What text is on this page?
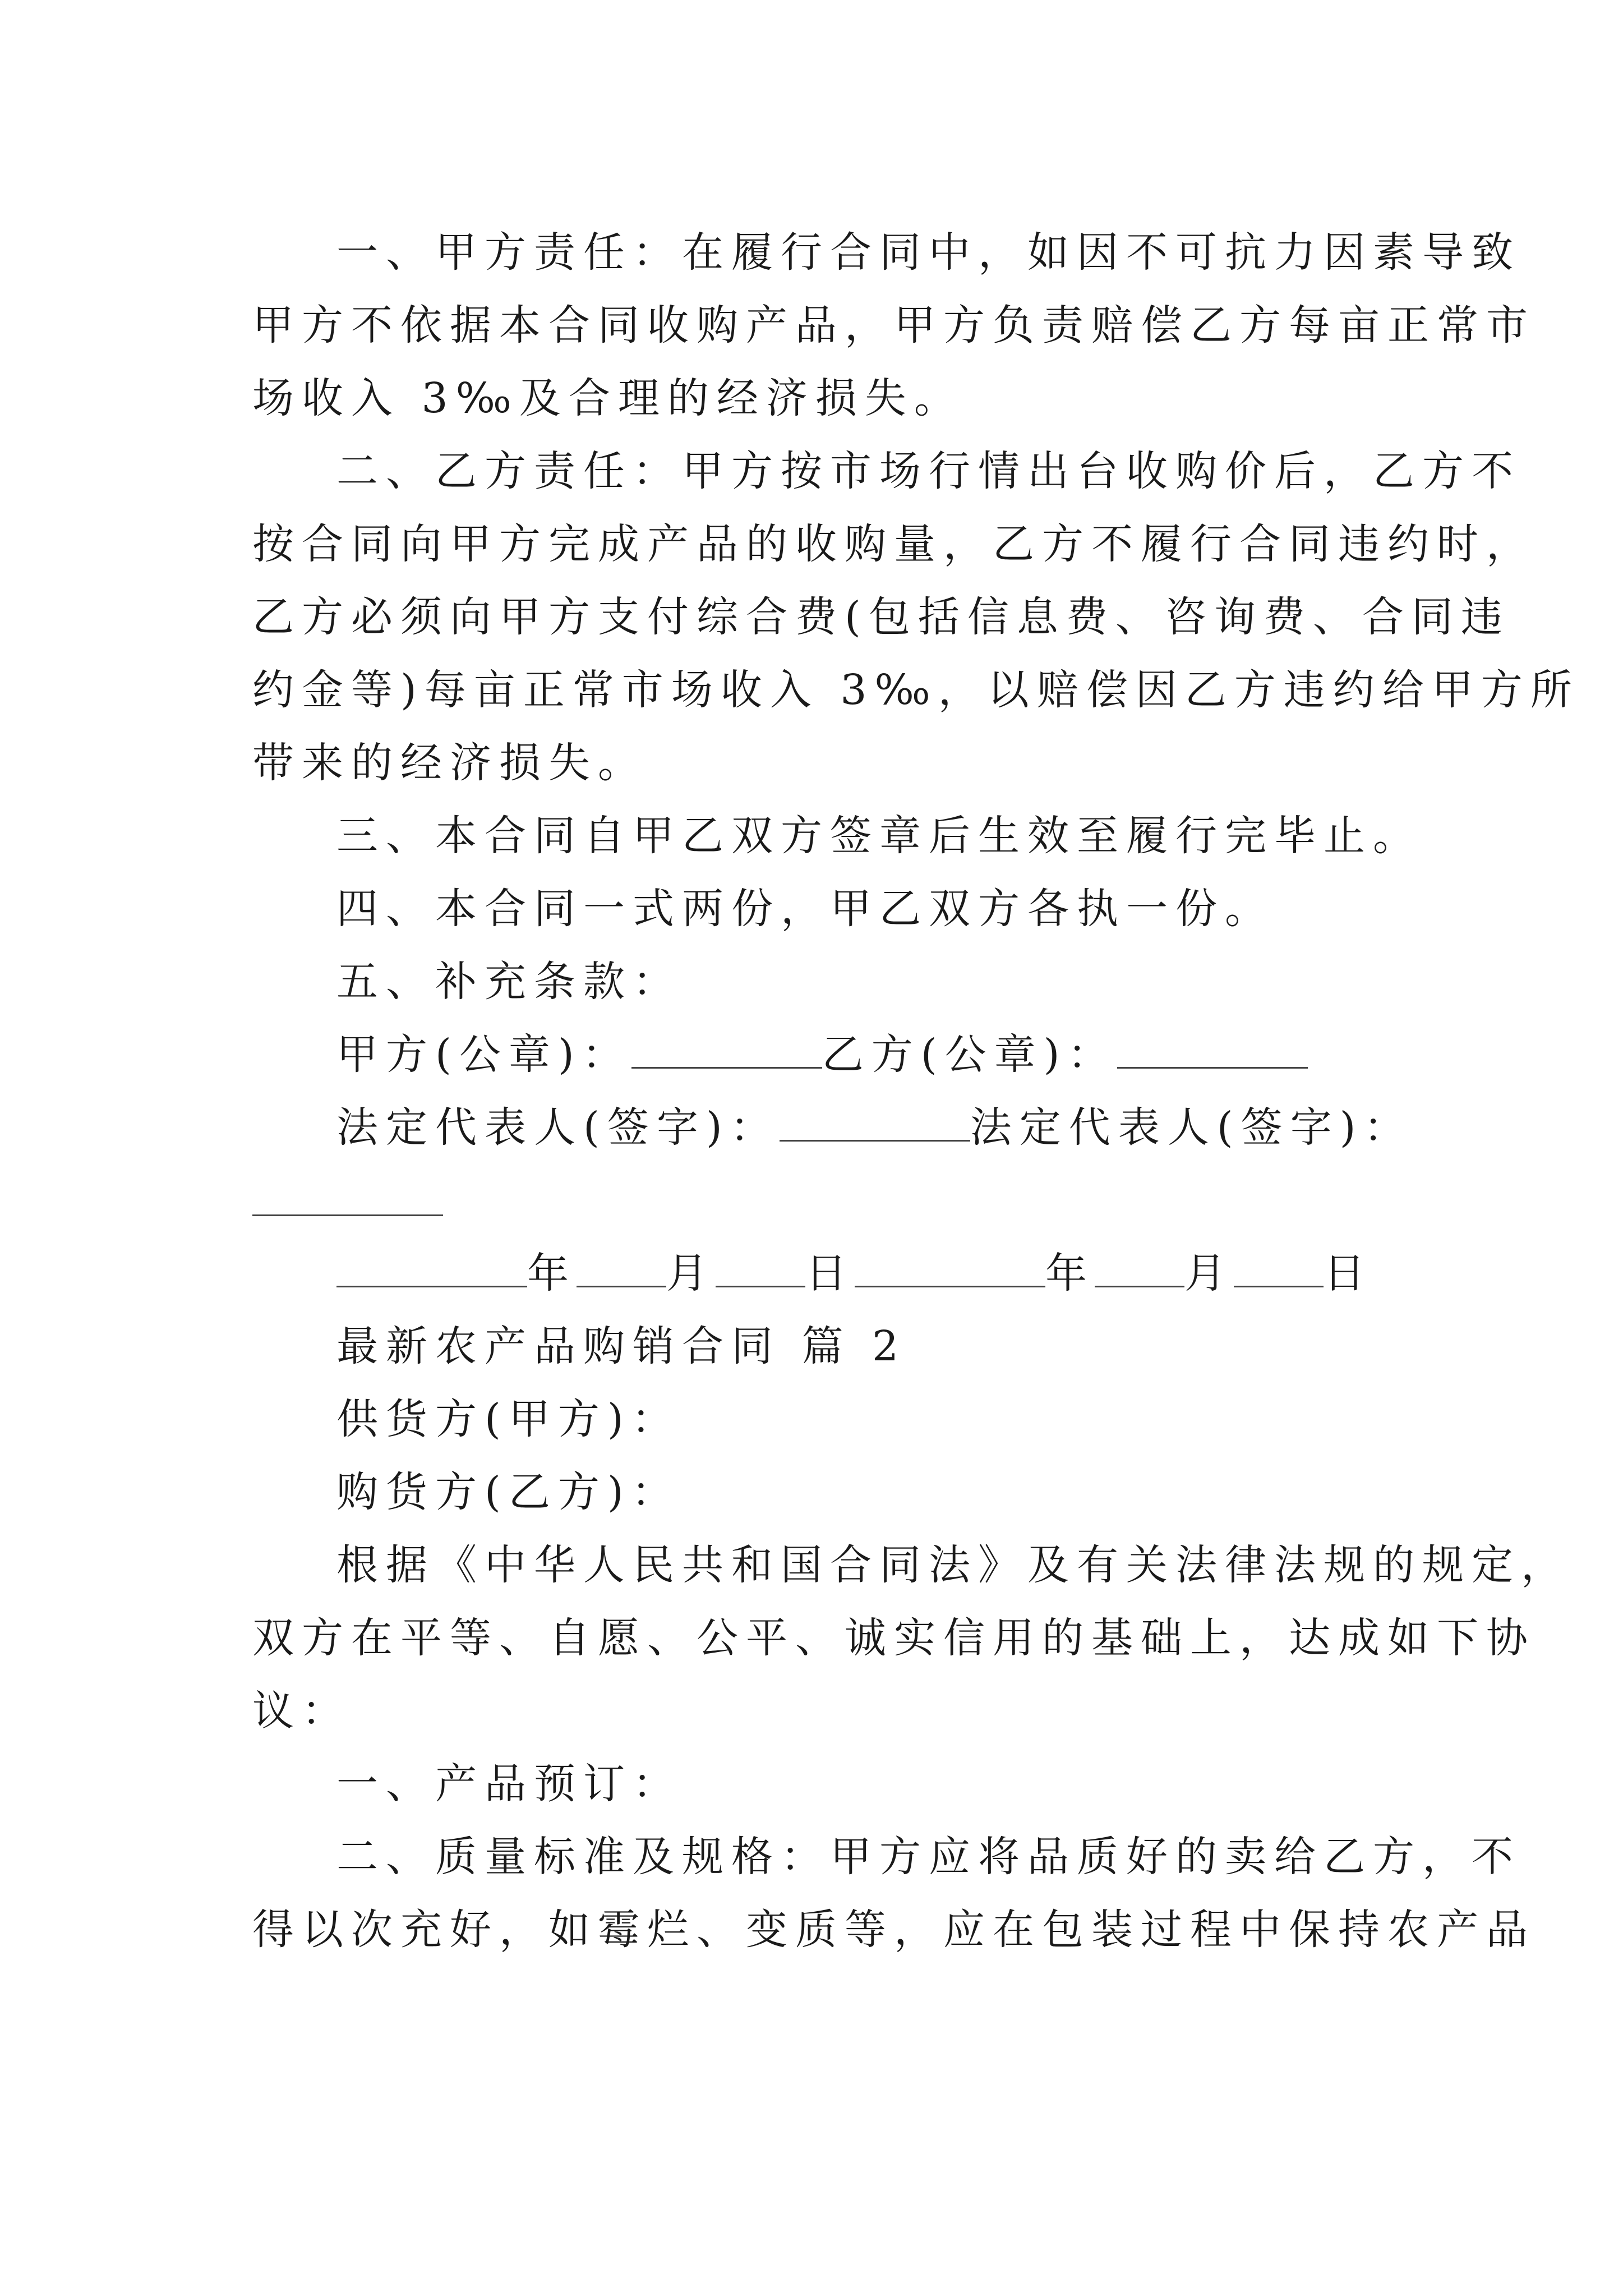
一、甲方责任：在履行合同中，如因不可抗力因素导致
甲方不依据本合同收购产品，甲方负责赔偿乙方每亩正常市
场收入 3‰及合理的经济损失。
二、乙方责任：甲方按市场行情出台收购价后，乙方不
按合同向甲方完成产品的收购量，乙方不履行合同违约时，
乙方必须向甲方支付综合费(包括信息费、咨询费、合同违
约金等)每亩正常市场收入 3‰，以赔偿因乙方违约给甲方所
带来的经济损失。
三、本合同自甲乙双方签章后生效至履行完毕止。
四、本合同一式两份，甲乙双方各执一份。
五、补充条款：
甲方(公章)：	乙方(公章)：
法定代表人(签字)：	法定代表人(签字)：
年 月 日	年 月 日
最新农产品购销合同 篇 2
供货方(甲方)：
购货方(乙方)：
根据《中华人民共和国合同法》及有关法律法规的规定，
双方在平等、自愿、公平、诚实信用的基础上，达成如下协
议：
一、产品预订：
二、质量标准及规格：甲方应将品质好的卖给乙方，不
得以次充好，如霉烂、变质等，应在包装过程中保持农产品
